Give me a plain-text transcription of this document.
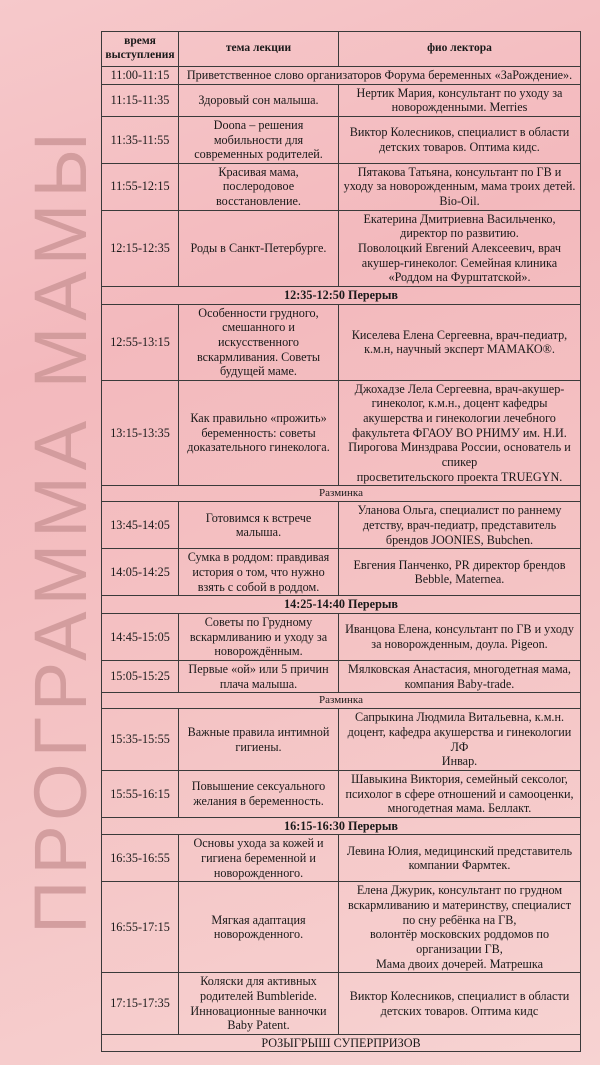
ПРОГРАММА МАМЫ
время
выступления	тема лекции	фио лектора
11:00-11:15	Приветственное слово организаторов Форума беременных «ЗаРождение».	
11:15-11:35	Здоровый сон малыша.	Нертик Мария, консультант по уходу за новорожденными. Merries
11:35-11:55	Doona – решения мобильности для современных родителей.	Виктор Колесников, специалист в области детских товаров. Оптима кидс.
11:55-12:15	Красивая мама, послеродовое восстановление.	Пятакова Татьяна, консультант по ГВ и уходу за новорожденным, мама троих детей. Bio-Oil.
12:15-12:35	Роды в Санкт-Петербурге.	Екатерина Дмитриевна Васильченко,
директор по развитию.
Поволоцкий Евгений Алексеевич, врач акушер-гинеколог. Семейная клиника «Роддом на Фурштатской».
12:35-12:50 Перерыв		
12:55-13:15	Особенности грудного, смешанного и искусственного вскармливания. Советы будущей маме.	Киселева Елена Сергеевна, врач-педиатр, к.м.н, научный эксперт МАМАКО®.
13:15-13:35	Как правильно «прожить» беременность: советы доказательного гинеколога.	Джохадзе Лела Сергеевна, врач-акушер-гинеколог, к.м.н., доцент кафедры акушерства и гинекологии лечебного факультета ФГАОУ ВО РНИМУ им. Н.И. Пирогова Минздрава России, основатель и спикер
просветительского проекта TRUEGYN.
Разминка		
13:45-14:05	Готовимся к встрече малыша.	Уланова Ольга, специалист по раннему детству, врач-педиатр, представитель брендов JOONIES, Bubchen.
14:05-14:25	Сумка в роддом: правдивая история о том, что нужно взять с собой в роддом.	Евгения Панченко, PR директор брендов Bebble, Maternea.
14:25-14:40 Перерыв		
14:45-15:05	Советы по Грудному вскармливанию и уходу за новорождённым.	Иванцова Елена, консультант по ГВ и уходу за новорожденным, доула. Pigeon.
15:05-15:25	Первые «ой» или 5 причин плача малыша.	Мялковская Анастасия, многодетная мама, компания Baby-trade.
Разминка		
15:35-15:55	Важные правила интимной гигиены.	Сапрыкина Людмила Витальевна, к.м.н. доцент, кафедра акушерства и гинекологии ЛФ
Инвар.
15:55-16:15	Повышение сексуального желания в беременность.	Шавыкина Виктория, семейный сексолог, психолог в сфере отношений и самооценки, многодетная мама. Беллакт.
16:15-16:30 Перерыв		
16:35-16:55	Основы ухода за кожей и гигиена беременной и новорожденного.	Левина Юлия, медицинский представитель компании Фармтек.
16:55-17:15	Мягкая адаптация новорожденного.	Елена Джурик, консультант по грудном вскармливанию и материнству, специалист по сну ребёнка на ГВ,
волонтёр московских роддомов по организации ГВ,
Мама двоих дочерей. Матрешка
17:15-17:35	Коляски для активных родителей Bumbleride. Инновационные ванночки Baby Patent.	Виктор Колесников, специалист в области детских товаров. Оптима кидс
РОЗЫГРЫШ СУПЕРПРИЗОВ		
